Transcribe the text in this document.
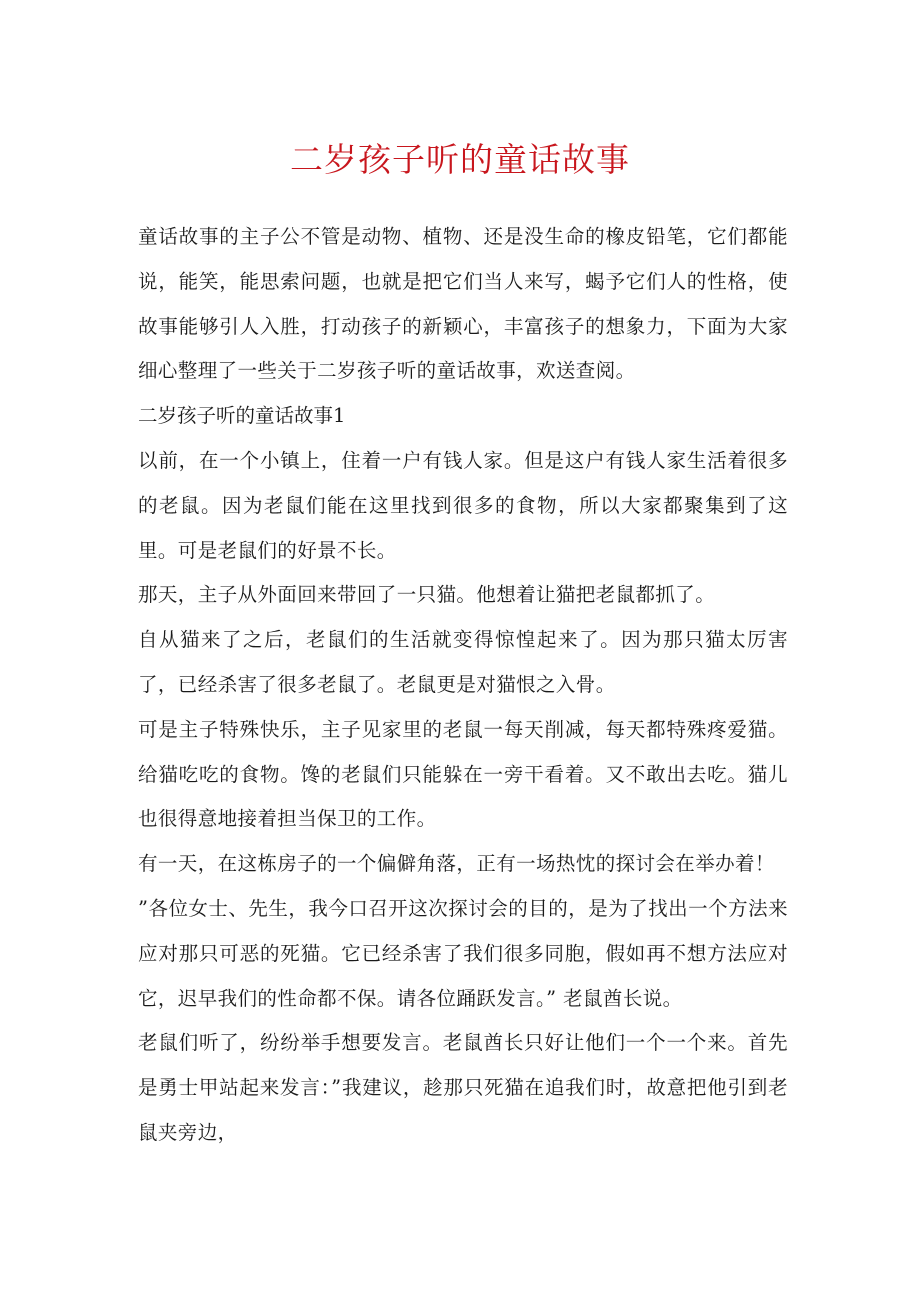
二岁孩子听的童话故事

童话故事的主子公不管是动物、植物、还是没生命的橡皮铅笔，它们都能说，能笑，能思索问题，也就是把它们当人来写，蝎予它们人的性格，使故事能够引人入胜，打动孩子的新颖心，丰富孩子的想象力，下面为大家细心整理了一些关于二岁孩子听的童话故事，欢送查阅。

二岁孩子听的童话故事1

以前，在一个小镇上，住着一户有钱人家。但是这户有钱人家生活着很多的老鼠。因为老鼠们能在这里找到很多的食物，所以大家都聚集到了这里。可是老鼠们的好景不长。

那天，主子从外面回来带回了一只猫。他想着让猫把老鼠都抓了。

自从猫来了之后，老鼠们的生活就变得惊惶起来了。因为那只猫太厉害了，已经杀害了很多老鼠了。老鼠更是对猫恨之入骨。

可是主子特殊快乐，主子见家里的老鼠一每天削减，每天都特殊疼爱猫。给猫吃吃的食物。馋的老鼠们只能躲在一旁干看着。又不敢出去吃。猫儿也很得意地接着担当保卫的工作。

有一天，在这栋房子的一个偏僻角落，正有一场热忱的探讨会在举办着！

”各位女士、先生，我今口召开这次探讨会的目的，是为了找出一个方法来应对那只可恶的死猫。它已经杀害了我们很多同胞，假如再不想方法应对它，迟早我们的性命都不保。请各位踊跃发言。” 老鼠酋长说。

老鼠们听了，纷纷举手想要发言。老鼠酋长只好让他们一个一个来。首先是勇士甲站起来发言：”我建议，趁那只死猫在追我们时，故意把他引到老鼠夹旁边，
